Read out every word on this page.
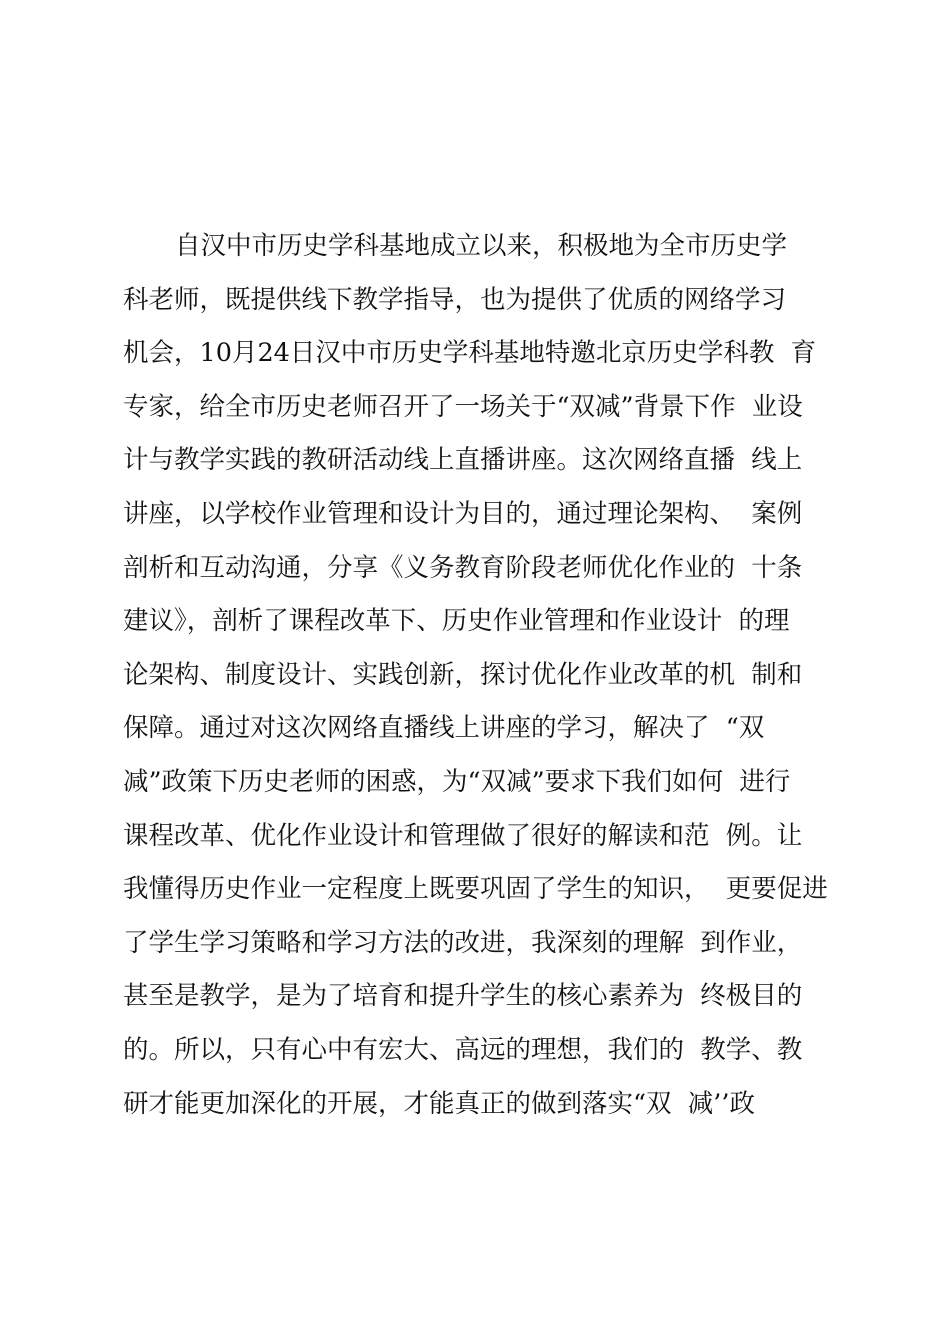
自汉中市历史学科基地成立以来，积极地为全市历史学
科老师，既提供线下教学指导，也为提供了优质的网络学习
机会，10月24日汉中市历史学科基地特邀北京历史学科教  育
专家，给全市历史老师召开了一场关于“双减”背景下作  业设
计与教学实践的教研活动线上直播讲座。这次网络直播  线上
讲座，以学校作业管理和设计为目的，通过理论架构、  案例
剖析和互动沟通，分享《义务教育阶段老师优化作业的  十条
建议》，剖析了课程改革下、历史作业管理和作业设计  的理
论架构、制度设计、实践创新，探讨优化作业改革的机  制和
保障。通过对这次网络直播线上讲座的学习，解决了  “双
减”政策下历史老师的困惑，为“双减”要求下我们如何  进行
课程改革、优化作业设计和管理做了很好的解读和范  例。让
我懂得历史作业一定程度上既要巩固了学生的知识，  更要促进
了学生学习策略和学习方法的改进，我深刻的理解  到作业，
甚至是教学，是为了培育和提升学生的核心素养为  终极目的
的。所以，只有心中有宏大、高远的理想，我们的  教学、教
研才能更加深化的开展，才能真正的做到落实“双  减’’政
